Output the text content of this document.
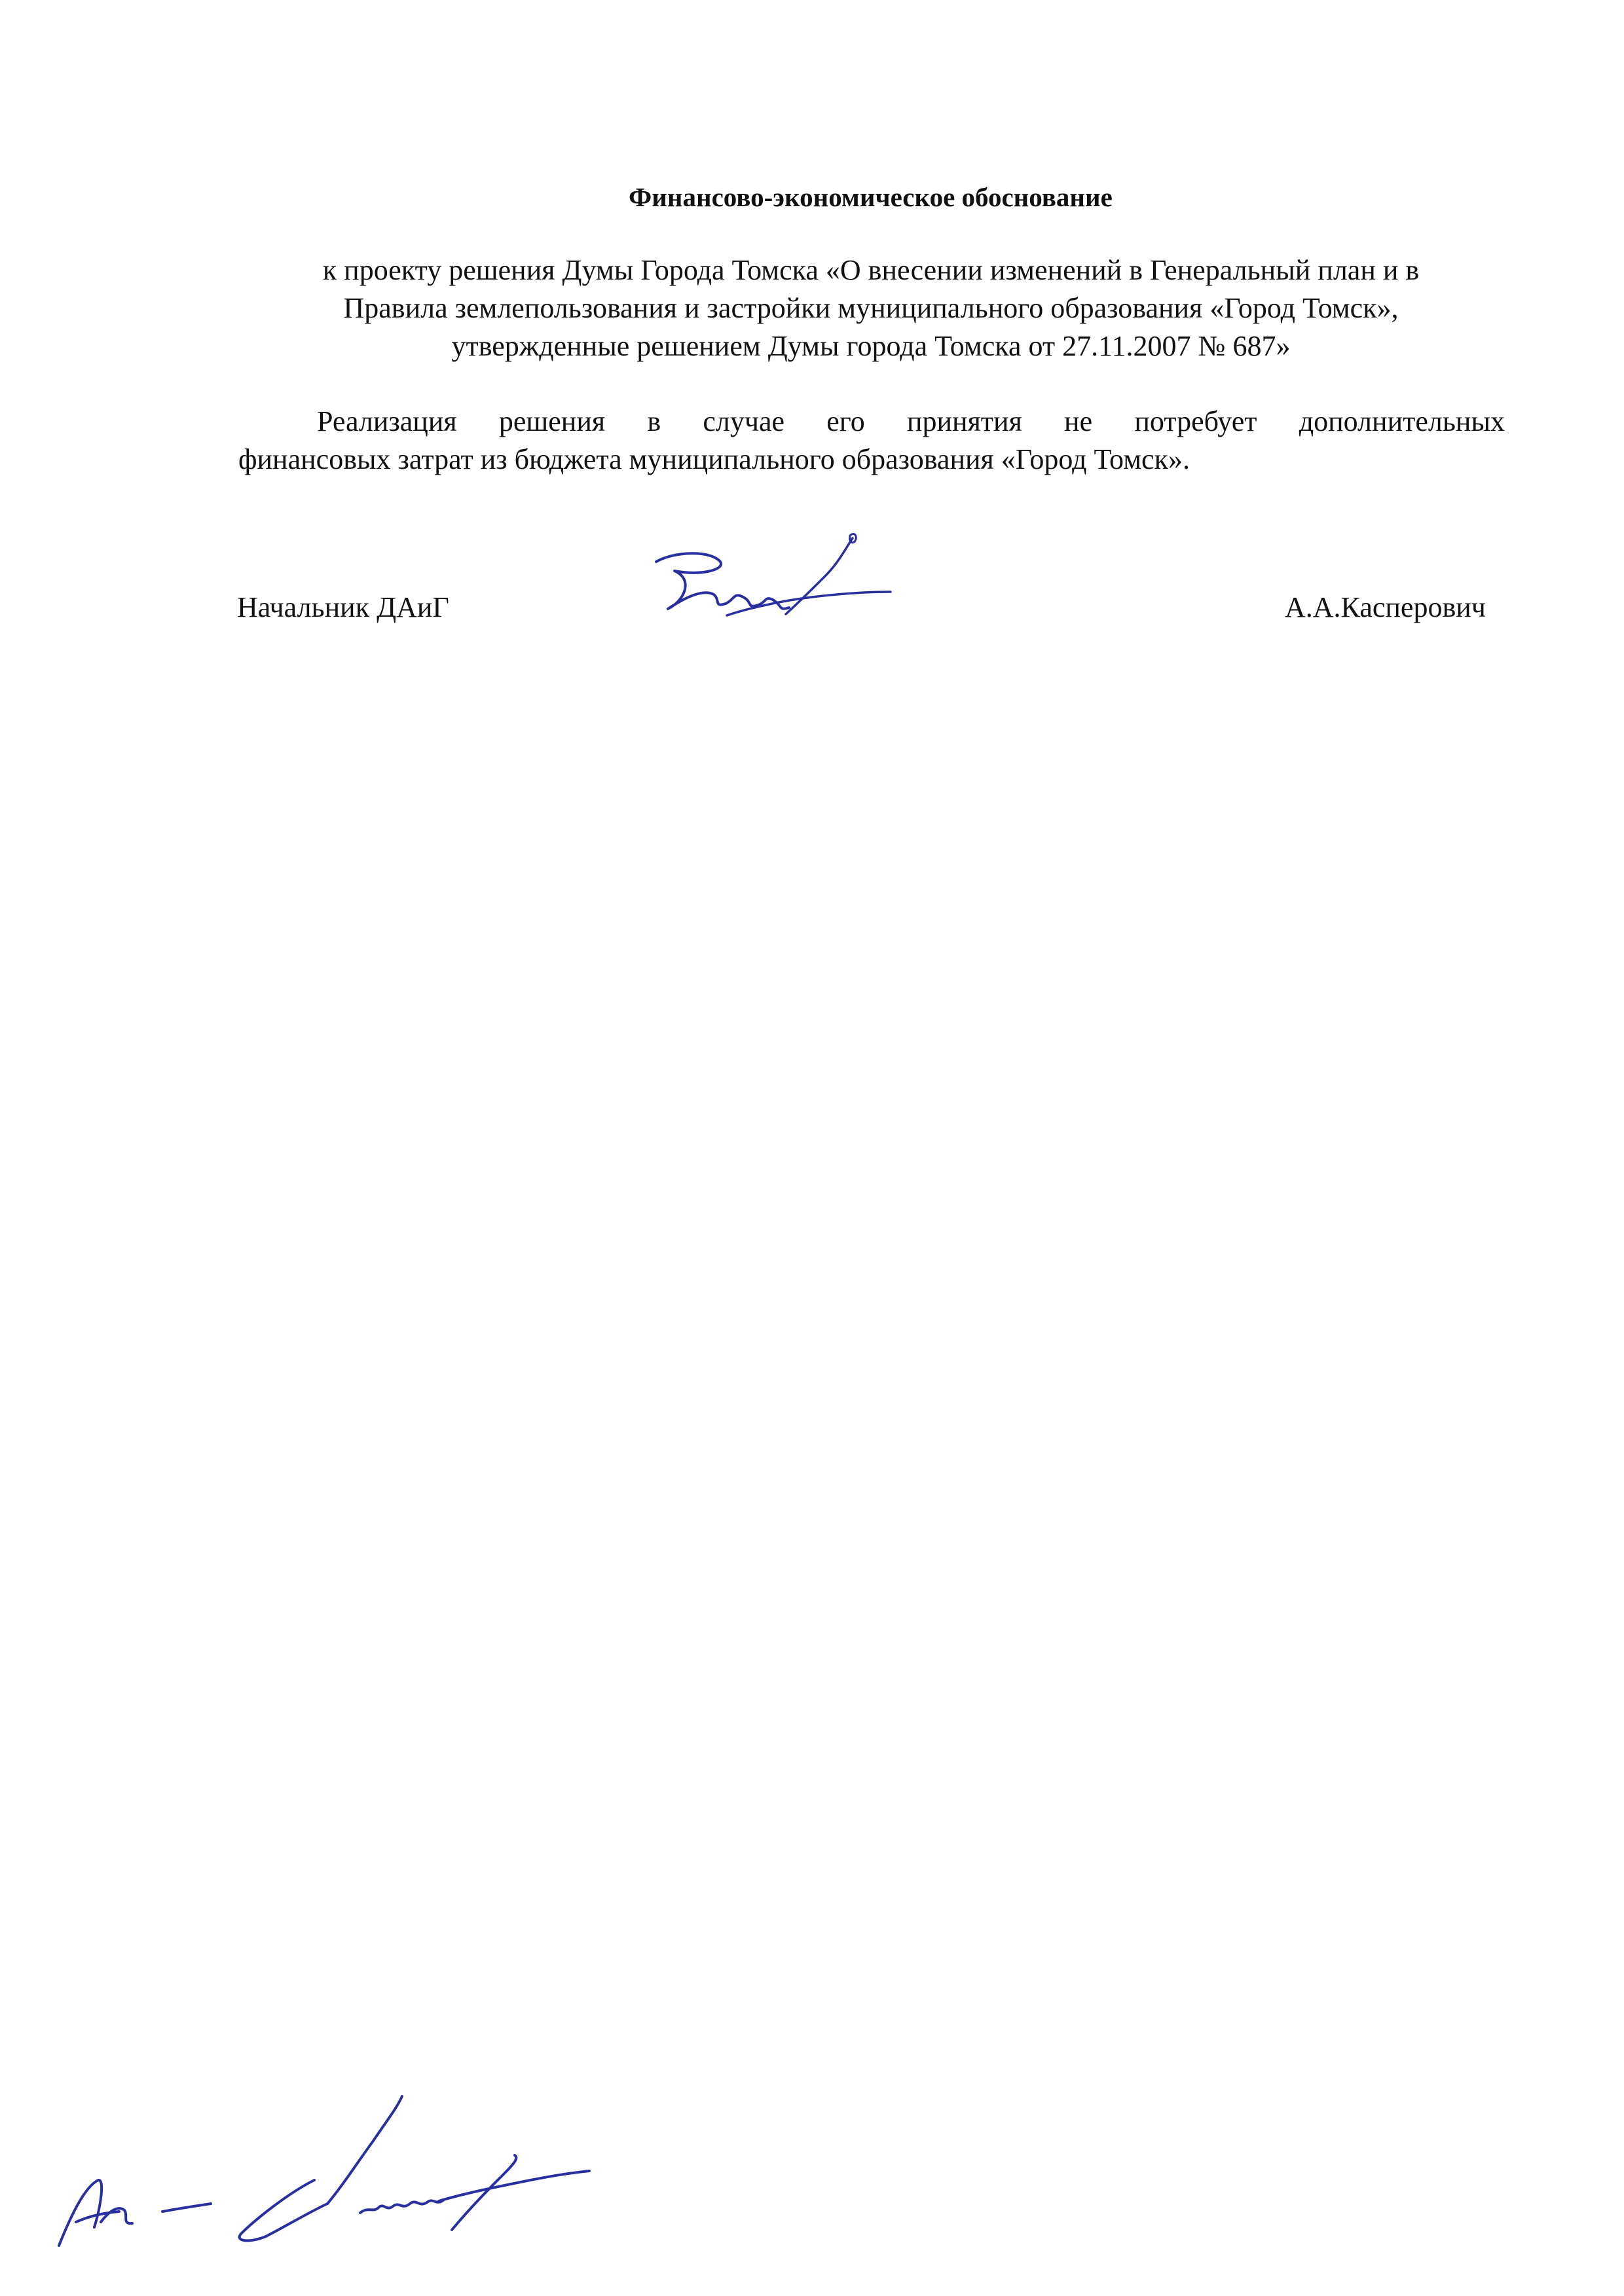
Финансово-экономическое обоснование
к проекту решения Думы Города Томска «О внесении изменений в Генеральный план и в
Правила землепользования и застройки муниципального образования «Город Томск»,
утвержденные решением Думы города Томска от 27.11.2007 № 687»
Реализация решения в случае его принятия не потребует дополнительных
финансовых затрат из бюджета муниципального образования «Город Томск».
Начальник ДАиГ	А.А.Касперович
